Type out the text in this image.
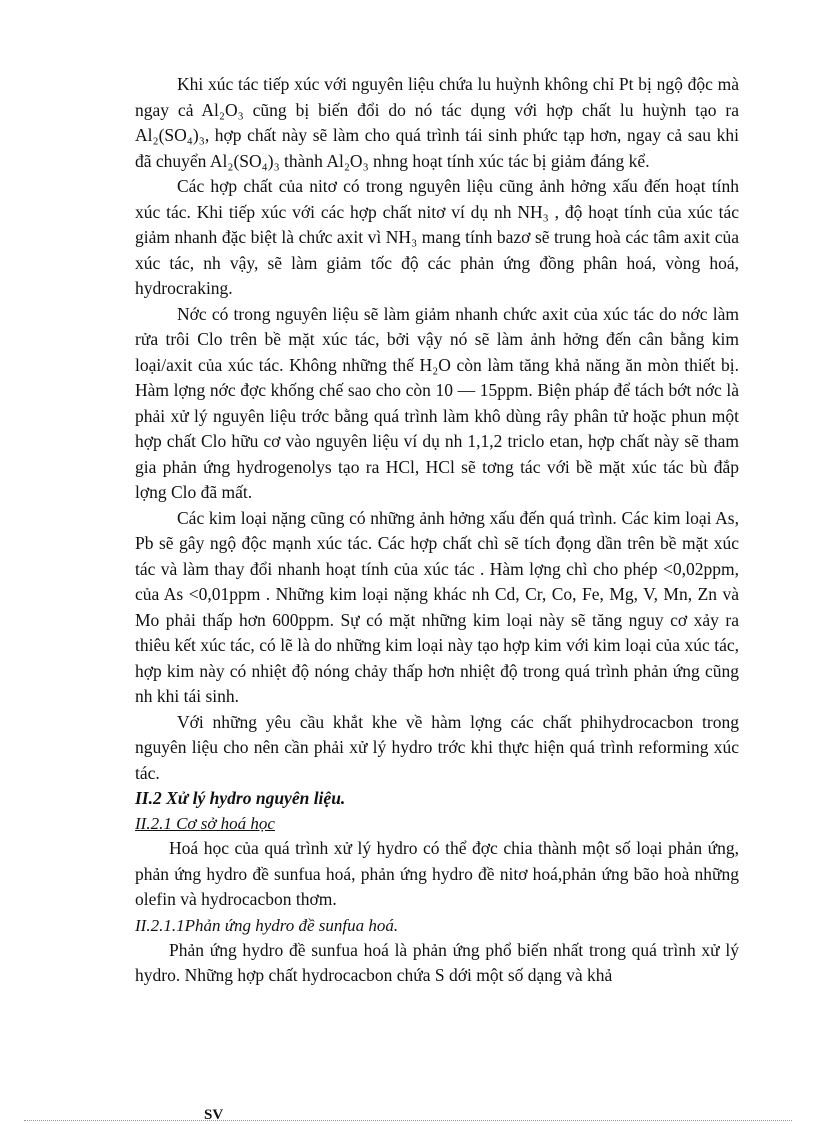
Khi xúc tác tiếp xúc với nguyên liệu chứa lu huỳnh không chỉ Pt bị ngộ độc mà ngay cả Al₂O₃ cũng bị biến đổi do nó tác dụng với hợp chất lu huỳnh tạo ra Al₂(SO₄)₃, hợp chất này sẽ làm cho quá trình tái sinh phức tạp hơn, ngay cả sau khi đã chuyển Al₂(SO₄)₃ thành Al₂O₃ nhng hoạt tính xúc tác bị giảm đáng kể.

Các hợp chất của nitơ có trong nguyên liệu cũng ảnh hởng xấu đến hoạt tính xúc tác. Khi tiếp xúc với các hợp chất nitơ ví dụ nh NH₃ , độ hoạt tính của xúc tác giảm nhanh đặc biệt là chức axit vì NH₃ mang tính bazơ sẽ trung hoà các tâm axit của xúc tác, nh vậy, sẽ làm giảm tốc độ các phản ứng đồng phân hoá, vòng hoá, hydrocraking.

Nớc có trong nguyên liệu sẽ làm giảm nhanh chức axit của xúc tác do nớc làm rửa trôi Clo trên bề mặt xúc tác, bởi vậy nó sẽ làm ảnh hởng đến cân bằng kim loại/axit của xúc tác. Không những thế H₂O còn làm tăng khả năng ăn mòn thiết bị. Hàm lợng nớc đợc khống chế sao cho còn 10 — 15ppm. Biện pháp để tách bớt nớc là phải xử lý nguyên liệu trớc bằng quá trình làm khô dùng rây phân tử hoặc phun một hợp chất Clo hữu cơ vào nguyên liệu ví dụ nh 1,1,2 triclo etan, hợp chất này sẽ tham gia phản ứng hydrogenolys tạo ra HCl, HCl sẽ tơng tác với bề mặt xúc tác bù đắp lợng Clo đã mất.

Các kim loại nặng cũng có những ảnh hởng xấu đến quá trình. Các kim loại As, Pb sẽ gây ngộ độc mạnh xúc tác. Các hợp chất chì sẽ tích đọng dần trên bề mặt xúc tác và làm thay đổi nhanh hoạt tính của xúc tác . Hàm lợng chì cho phép <0,02ppm, của As <0,01ppm . Những kim loại nặng khác nh Cd, Cr, Co, Fe, Mg, V, Mn, Zn và Mo phải thấp hơn 600ppm. Sự có mặt những kim loại này sẽ tăng nguy cơ xảy ra thiêu kết xúc tác, có lẽ là do những kim loại này tạo hợp kim với kim loại của xúc tác, hợp kim này có nhiệt độ nóng chảy thấp hơn nhiệt độ trong quá trình phản ứng cũng nh khi tái sinh.

Với những yêu cầu khắt khe về hàm lợng các chất phihydrocacbon trong nguyên liệu cho nên cần phải xử lý hydro trớc khi thực hiện quá trình reforming xúc tác.

II.2 Xử lý hydro nguyên liệu.
II.2.1 Cơ sở hoá học

Hoá học của quá trình xử lý hydro có thể đợc chia thành một số loại phản ứng, phản ứng hydro đề sunfua hoá, phản ứng hydro đề nitơ hoá,phản ứng bão hoà những olefin và hydrocacbon thơm.

II.2.1.1Phản ứng hydro đề sunfua hoá.

Phản ứng hydro đề sunfua hoá là phản ứng phổ biến nhất trong quá trình xử lý hydro. Những hợp chất hydrocacbon chứa S dới một số dạng và khả

SV
